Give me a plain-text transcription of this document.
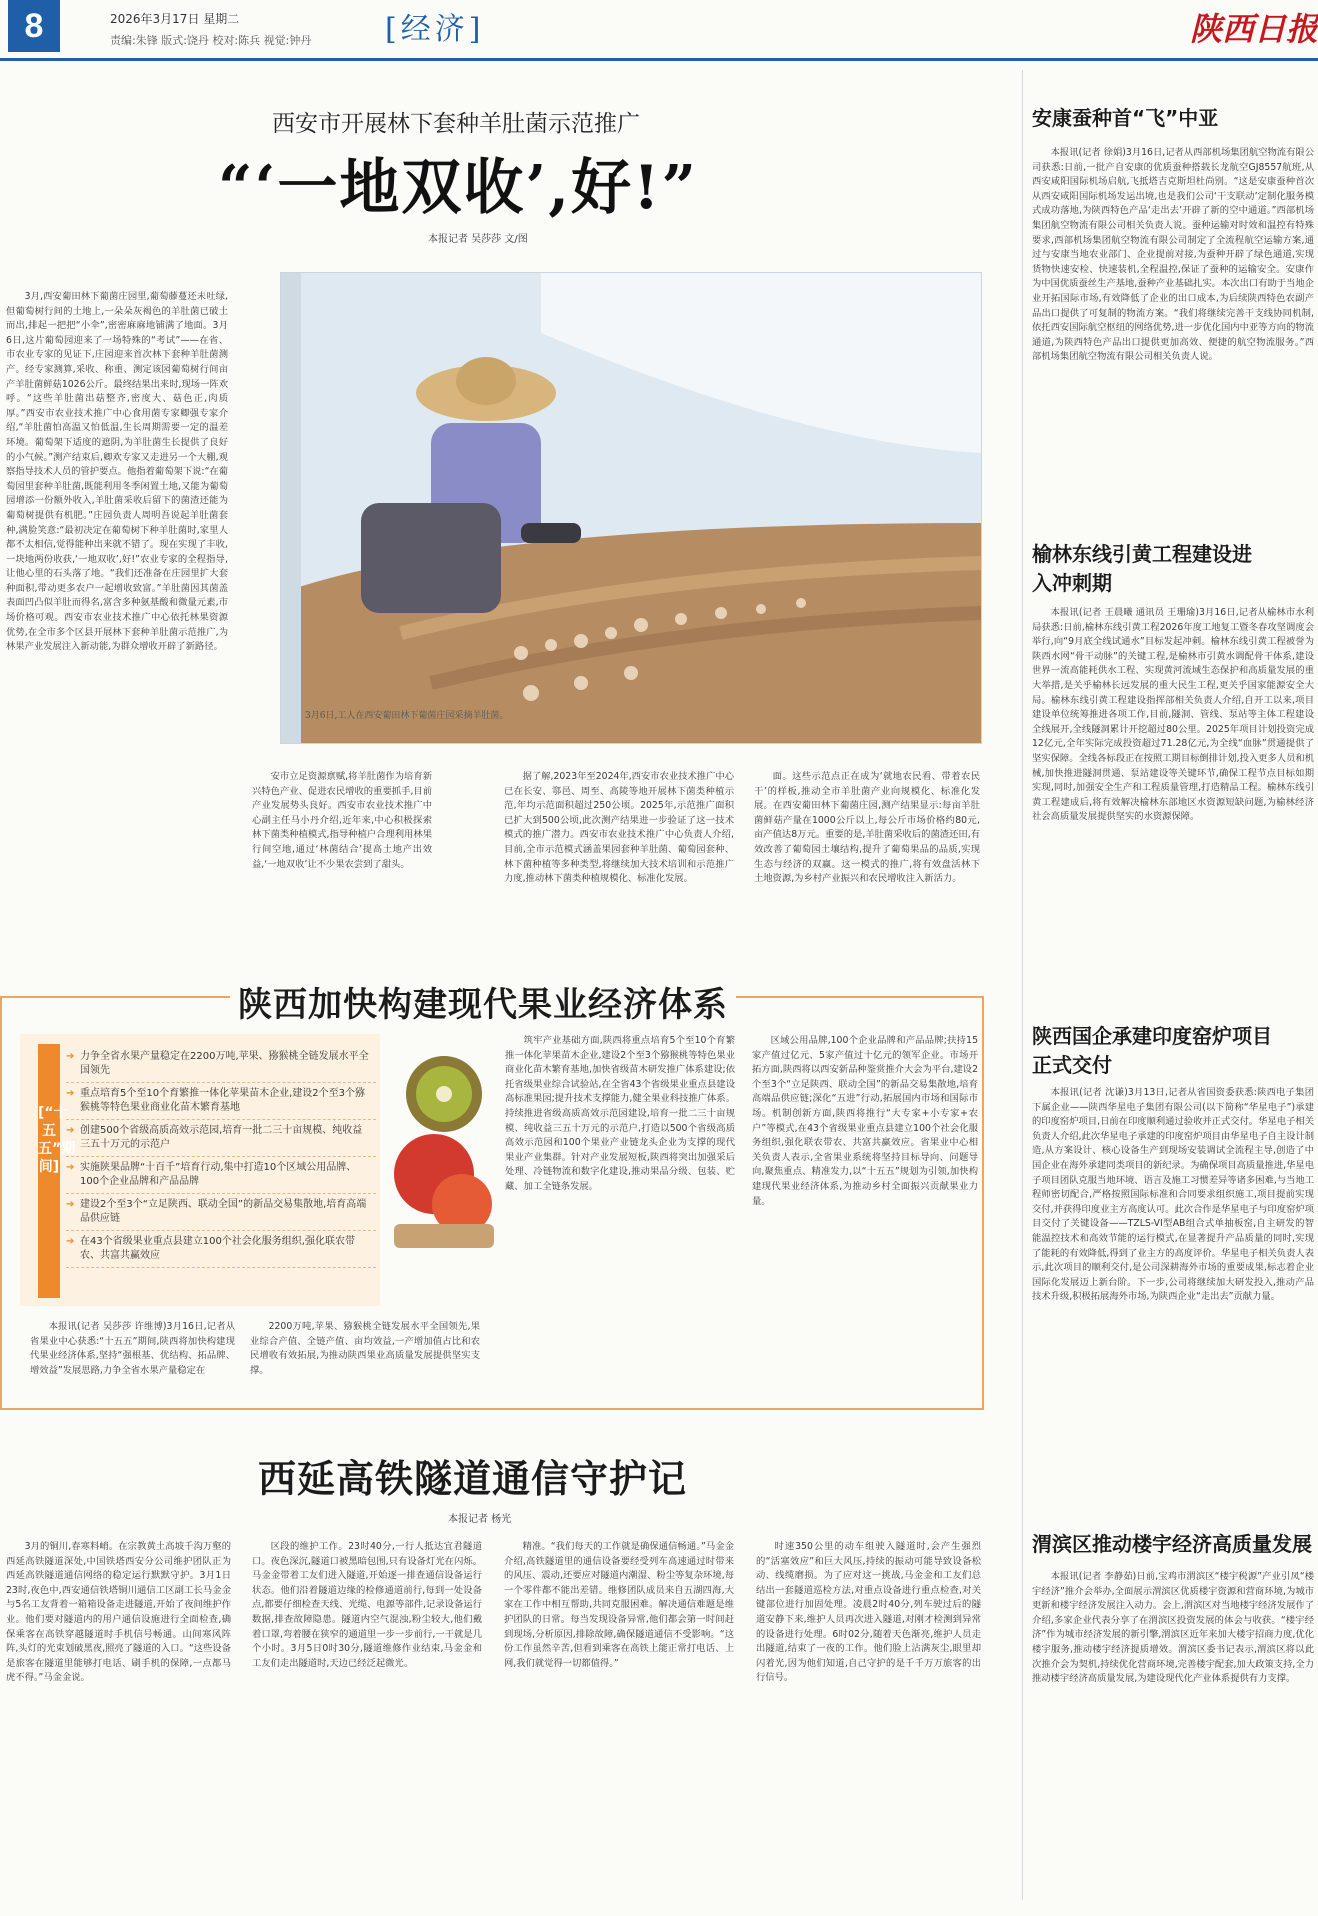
8	2026年3月17日 星期二
责编:朱锋 版式:饶丹 校对:陈兵 视觉:钟丹 [经济]	陕西日报
西安市开展林下套种羊肚菌示范推广
“‘一地双收’,好!”
本报记者 吴莎莎 文/图

3月,西安葡田林下葡菌庄园里,葡萄藤蔓还未吐绿,但葡萄树行间的土地上,一朵朵灰褐色的羊肚菌已破土而出,排起一把把“小伞”,密密麻麻地铺满了地面。3月6日,这片葡萄园迎来了一场特殊的“考试”——在省、市农业专家的见证下,庄园迎来首次林下套种羊肚菌测产。经专家测算,采收、称重、测定该园葡萄树行间亩产羊肚菌鲜菇1026公斤。最终结果出来时,现场一阵欢呼。“这些羊肚菌出菇整齐,密度大、菇色正,肉质厚。”西安市农业技术推广中心食用菌专家卿强专家介绍,“羊肚菌怕高温又怕低温,生长周期需要一定的温差环境。葡萄架下适度的遮阴,为羊肚菌生长提供了良好的小气候。”测产结束后,卿欢专家又走进另一个大棚,观察指导技术人员的管护要点。他指着葡萄架下说:“在葡萄园里套种羊肚菌,既能利用冬季闲置土地,又能为葡萄园增添一份额外收入,羊肚菌采收后留下的菌渣还能为葡萄树提供有机肥。”庄园负责人周明吾说起羊肚菌套种,满脸笑意:“最初决定在葡萄树下种羊肚菌时,家里人都不太相信,觉得能种出来就不错了。现在实现了丰收,一块地两份收获,‘一地双收’,好!”农业专家的全程指导,让他心里的石头落了地。“我们还准备在庄园里扩大套种面积,带动更多农户一起增收致富。”羊肚菌因其菌盖表面凹凸似羊肚而得名,富含多种氨基酸和微量元素,市场价格可观。西安市农业技术推广中心依托林果资源优势,在全市多个区县开展林下套种羊肚菌示范推广,为林果产业发展注入新动能,为群众增收开辟了新路径。

3月6日,工人在西安葡田林下葡菌庄园采摘羊肚菌。

安市立足资源禀赋,将羊肚菌作为培育新兴特色产业、促进农民增收的重要抓手,目前产业发展势头良好。西安市农业技术推广中心副主任马小丹介绍,近年来,中心积极探索林下菌类种植模式,指导种植户合理利用林果行间空地,通过‘林菌结合’提高土地产出效益,‘一地双收’让不少果农尝到了甜头。

据了解,2023年至2024年,西安市农业技术推广中心已在长安、鄠邑、周至、高陵等地开展林下菌类种植示范,年均示范面积超过250公顷。2025年,示范推广面积已扩大到500公顷,此次测产结果进一步验证了这一技术模式的推广潜力。西安市农业技术推广中心负责人介绍,目前,全市示范模式涵盖果园套种羊肚菌、葡萄园套种、林下菌种植等多种类型,将继续加大技术培训和示范推广力度,推动林下菌类种植规模化、标准化发展。

面。这些示范点正在成为‘就地农民看、带着农民干’的样板,推动全市羊肚菌产业向规模化、标准化发展。在西安葡田林下葡菌庄园,测产结果显示:每亩羊肚菌鲜菇产量在1000公斤以上,每公斤市场价格约80元,亩产值达8万元。重要的是,羊肚菌采收后的菌渣还田,有效改善了葡萄园土壤结构,提升了葡萄果品的品质,实现生态与经济的双赢。这一模式的推广,将有效盘活林下土地资源,为乡村产业振兴和农民增收注入新活力。

安康蚕种首“飞”中亚

本报讯(记者 徐娟)3月16日,记者从西部机场集团航空物流有限公司获悉:日前,一批产自安康的优质蚕种搭载长龙航空GJ8557航班,从西安咸阳国际机场启航,飞抵塔吉克斯坦杜尚别。“这是安康蚕种首次从西安咸阳国际机场发运出境,也是我们公司‘干支联动’定制化服务模式成功落地,为陕西特色产品‘走出去’开辟了新的空中通道。”西部机场集团航空物流有限公司相关负责人说。蚕种运输对时效和温控有特殊要求,西部机场集团航空物流有限公司制定了全流程航空运输方案,通过与安康当地农业部门、企业提前对接,为蚕种开辟了绿色通道,实现货物快速安检、快速装机,全程温控,保证了蚕种的运输安全。安康作为中国优质蚕丝生产基地,蚕种产业基础扎实。本次出口有助于当地企业开拓国际市场,有效降低了企业的出口成本,为后续陕西特色农副产品出口提供了可复制的物流方案。“我们将继续完善干支线协同机制,依托西安国际航空枢纽的网络优势,进一步优化国内中亚等方向的物流通道,为陕西特色产品出口提供更加高效、便捷的航空物流服务。”西部机场集团航空物流有限公司相关负责人说。

榆林东线引黄工程建设进入冲刺期

本报讯(记者 王晨曦 通讯员 王珊瑜)3月16日,记者从榆林市水利局获悉:日前,榆林东线引黄工程2026年度工地复工暨冬春攻坚调度会举行,向“9月底全线试通水”目标发起冲刺。榆林东线引黄工程被誉为陕西水网“骨干动脉”的关键工程,是榆林市引黄水调配骨干体系,建设世界一流高能耗供水工程、实现黄河流域生态保护和高质量发展的重大举措,是关乎榆林长远发展的重大民生工程,更关乎国家能源安全大局。榆林东线引黄工程建设指挥部相关负责人介绍,自开工以来,项目建设单位统筹推进各项工作,目前,隧洞、管线、泵站等主体工程建设全线展开,全线隧洞累计开挖超过80公里。2025年项目计划投资完成12亿元,全年实际完成投资超过71.28亿元,为全线“血脉”贯通提供了坚实保障。全线各标段正在按照工期目标倒排计划,投入更多人员和机械,加快推进隧洞贯通、泵站建设等关键环节,确保工程节点目标如期实现,同时,加强安全生产和工程质量管理,打造精品工程。榆林东线引黄工程建成后,将有效解决榆林东部地区水资源短缺问题,为榆林经济社会高质量发展提供坚实的水资源保障。

陕西国企承建印度窑炉项目正式交付

本报讯(记者 沈谦)3月13日,记者从省国资委获悉:陕西电子集团下属企业——陕西华星电子集团有限公司(以下简称“华星电子”)承建的印度窑炉项目,日前在印度顺利通过验收并正式交付。华星电子相关负责人介绍,此次华星电子承建的印度窑炉项目由华星电子自主设计制造,从方案设计、核心设备生产到现场安装调试全流程主导,创造了中国企业在海外承建同类项目的新纪录。为确保项目高质量推进,华星电子项目团队克服当地环境、语言及施工习惯差异等诸多困难,与当地工程师密切配合,严格按照国际标准和合同要求组织施工,项目提前实现交付,并获得印度业主方高度认可。此次合作是华星电子与印度窑炉项目交付了关键设备——TZLS-VI型AB组合式单抽板窑,自主研发的智能温控技术和高效节能的运行模式,在显著提升产品质量的同时,实现了能耗的有效降低,得到了业主方的高度评价。华星电子相关负责人表示,此次项目的顺利交付,是公司深耕海外市场的重要成果,标志着企业国际化发展迈上新台阶。下一步,公司将继续加大研发投入,推动产品技术升级,积极拓展海外市场,为陕西企业“走出去”贡献力量。

渭滨区推动楼宇经济高质量发展

本报讯(记者 李静茹)日前,宝鸡市渭滨区“楼宇税源”产业引凤“楼宇经济”推介会举办,全面展示渭滨区优质楼宇资源和营商环境,为城市更新和楼宇经济发展注入动力。会上,渭滨区对当地楼宇经济发展作了介绍,多家企业代表分享了在渭滨区投资发展的体会与收获。“楼宇经济”作为城市经济发展的新引擎,渭滨区近年来加大楼宇招商力度,优化楼宇服务,推动楼宇经济提质增效。渭滨区委书记表示,渭滨区将以此次推介会为契机,持续优化营商环境,完善楼宇配套,加大政策支持,全力推动楼宇经济高质量发展,为建设现代化产业体系提供有力支撑。

陕西加快构建现代果业经济体系
[“十五五”期间]
➔ 力争全省水果产量稳定在2200万吨,苹果、猕猴桃全链发展水平全国领先
➔ 重点培育5个至10个育繁推一体化苹果苗木企业,建设2个至3个猕猴桃等特色果业商业化苗木繁育基地
➔ 创建500个省级高质高效示范园,培育一批二三十亩规模、纯收益三五十万元的示范户
➔ 实施陕果品牌“十百千”培育行动,集中打造10个区域公用品牌、100个企业品牌和产品品牌
➔ 建设2个至3个“立足陕西、联动全国”的新品交易集散地,培育高端品供应链
➔ 在43个省级果业重点县建立100个社会化服务组织,强化联农带农、共富共赢效应

本报讯(记者 吴莎莎 许维博)3月16日,记者从省果业中心获悉:“十五五”期间,陕西将加快构建现代果业经济体系,坚持“强根基、优结构、拓品牌、增效益”发展思路,力争全省水果产量稳定在

2200万吨,苹果、猕猴桃全链发展水平全国领先,果业综合产值、全链产值、亩均效益,一产增加值占比和农民增收有效拓展,为推动陕西果业高质量发展提供坚实支撑。

筑牢产业基础方面,陕西将重点培育5个至10个育繁推一体化苹果苗木企业,建设2个至3个猕猴桃等特色果业商业化苗木繁育基地,加快省级苗木研发推广体系建设;依托省级果业综合试验站,在全省43个省级果业重点县建设高标准果园;提升技术支撑能力,健全果业科技推广体系。持续推进省级高质高效示范园建设,培育一批二三十亩规模、纯收益三五十万元的示范户,打造以500个省级高质高效示范园和100个果业产业链龙头企业为支撑的现代果业产业集群。针对产业发展短板,陕西将突出加强采后处理、冷链物流和数字化建设,推动果品分级、包装、贮藏、加工全链条发展。

区域公用品牌,100个企业品牌和产品品牌;扶持15家产值过亿元、5家产值过十亿元的领军企业。市场开拓方面,陕西将以西安新品种鉴赏推介大会为平台,建设2个至3个“立足陕西、联动全国”的新品交易集散地,培育高端品供应链;深化“五进”行动,拓展国内市场和国际市场。机制创新方面,陕西将推行“大专家+小专家+农户”等模式,在43个省级果业重点县建立100个社会化服务组织,强化联农带农、共富共赢效应。省果业中心相关负责人表示,全省果业系统将坚持目标导向、问题导向,聚焦重点、精准发力,以“十五五”规划为引领,加快构建现代果业经济体系,为推动乡村全面振兴贡献果业力量。

西延高铁隧道通信守护记
本报记者 杨光

3月的铜川,春寒料峭。在宗教黄土高坡千沟万壑的西延高铁隧道深处,中国铁塔西安分公司维护团队正为西延高铁隧道通信网络的稳定运行默默守护。3月1日23时,夜色中,西安通信铁塔铜川通信工区副工长马金金与5名工友背着一箱箱设备走进隧道,开始了夜间维护作业。他们要对隧道内的用户通信设施进行全面检查,确保乘客在高铁穿越隧道时手机信号畅通。山间寒风阵阵,头灯的光束划破黑夜,照亮了隧道的入口。“这些设备是旅客在隧道里能够打电话、刷手机的保障,一点都马虎不得。”马金金说。

区段的维护工作。23时40分,一行人抵达宜君隧道口。夜色深沉,隧道口被黑暗包围,只有设备灯光在闪烁。马金金带着工友们进入隧道,开始逐一排查通信设备运行状态。他们沿着隧道边缘的检修通道前行,每到一处设备点,都要仔细检查天线、光缆、电源等部件,记录设备运行数据,排查故障隐患。隧道内空气混浊,粉尘较大,他们戴着口罩,弯着腰在狭窄的通道里一步一步前行,一干就是几个小时。3月5日0时30分,隧道维修作业结束,马金金和工友们走出隧道时,天边已经泛起微光。

精准。“我们每天的工作就是确保通信畅通。”马金金介绍,高铁隧道里的通信设备要经受列车高速通过时带来的风压、震动,还要应对隧道内潮湿、粉尘等复杂环境,每一个零件都不能出差错。维修团队成员来自五湖四海,大家在工作中相互帮助,共同克服困难。解决通信难题是维护团队的日常。每当发现设备异常,他们都会第一时间赶到现场,分析原因,排除故障,确保隧道通信不受影响。“这份工作虽然辛苦,但看到乘客在高铁上能正常打电话、上网,我们就觉得一切都值得。”

时速350公里的动车组驶入隧道时,会产生强烈的“活塞效应”和巨大风压,持续的振动可能导致设备松动、线缆磨损。为了应对这一挑战,马金金和工友们总结出一套隧道巡检方法,对重点设备进行重点检查,对关键部位进行加固处理。凌晨2时40分,列车驶过后的隧道安静下来,维护人员再次进入隧道,对刚才检测到异常的设备进行处理。6时02分,随着天色渐亮,维护人员走出隧道,结束了一夜的工作。他们脸上沾满灰尘,眼里却闪着光,因为他们知道,自己守护的是千千万万旅客的出行信号。
